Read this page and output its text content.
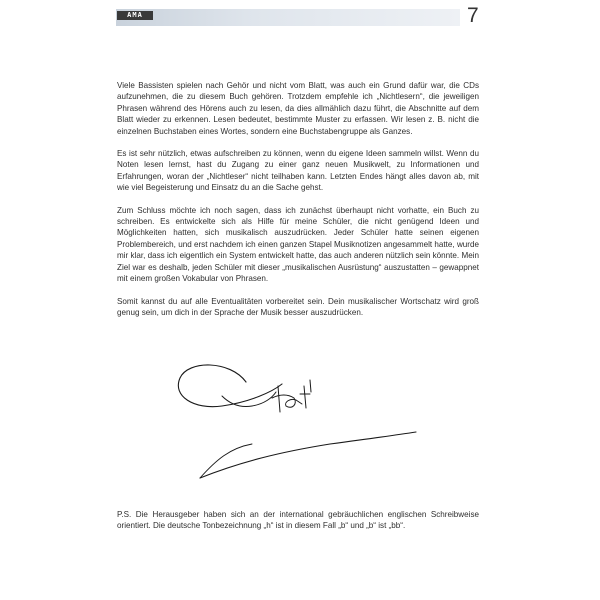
AMA	7

Viele Bassisten spielen nach Gehör und nicht vom Blatt, was auch ein Grund dafür war, die CDs aufzunehmen, die zu diesem Buch gehören. Trotzdem empfehle ich „Nichtlesern“, die jeweiligen Phrasen während des Hörens auch zu lesen, da dies allmählich dazu führt, die Abschnitte auf dem Blatt wieder zu erkennen. Lesen bedeutet, bestimmte Muster zu erfassen. Wir lesen z. B. nicht die einzelnen Buchstaben eines Wortes, sondern eine Buchstabengruppe als Ganzes.

Es ist sehr nützlich, etwas aufschreiben zu können, wenn du eigene Ideen sammeln willst. Wenn du Noten lesen lernst, hast du Zugang zu einer ganz neuen Musikwelt, zu Informationen und Erfahrungen, woran der „Nichtleser“ nicht teilhaben kann. Letzten Endes hängt alles davon ab, mit wie viel Begeisterung und Einsatz du an die Sache gehst.

Zum Schluss möchte ich noch sagen, dass ich zunächst überhaupt nicht vorhatte, ein Buch zu schreiben. Es entwickelte sich als Hilfe für meine Schüler, die nicht genügend Ideen und Möglichkeiten hatten, sich musikalisch auszudrücken. Jeder Schüler hatte seinen eigenen Problembereich, und erst nachdem ich einen ganzen Stapel Musiknotizen angesammelt hatte, wurde mir klar, dass ich eigentlich ein System entwickelt hatte, das auch anderen nützlich sein könnte. Mein Ziel war es deshalb, jeden Schüler mit dieser „musikalischen Ausrüstung“ auszustatten – gewappnet mit einem großen Vokabular von Phrasen.

Somit kannst du auf alle Eventualitäten vorbereitet sein. Dein musikalischer Wortschatz wird groß genug sein, um dich in der Sprache der Musik besser auszudrücken.

P.S. Die Herausgeber haben sich an der international gebräuchlichen englischen Schreibweise orientiert. Die deutsche Tonbezeichnung „h“ ist in diesem Fall „b“ und „b“ ist „bb“.
